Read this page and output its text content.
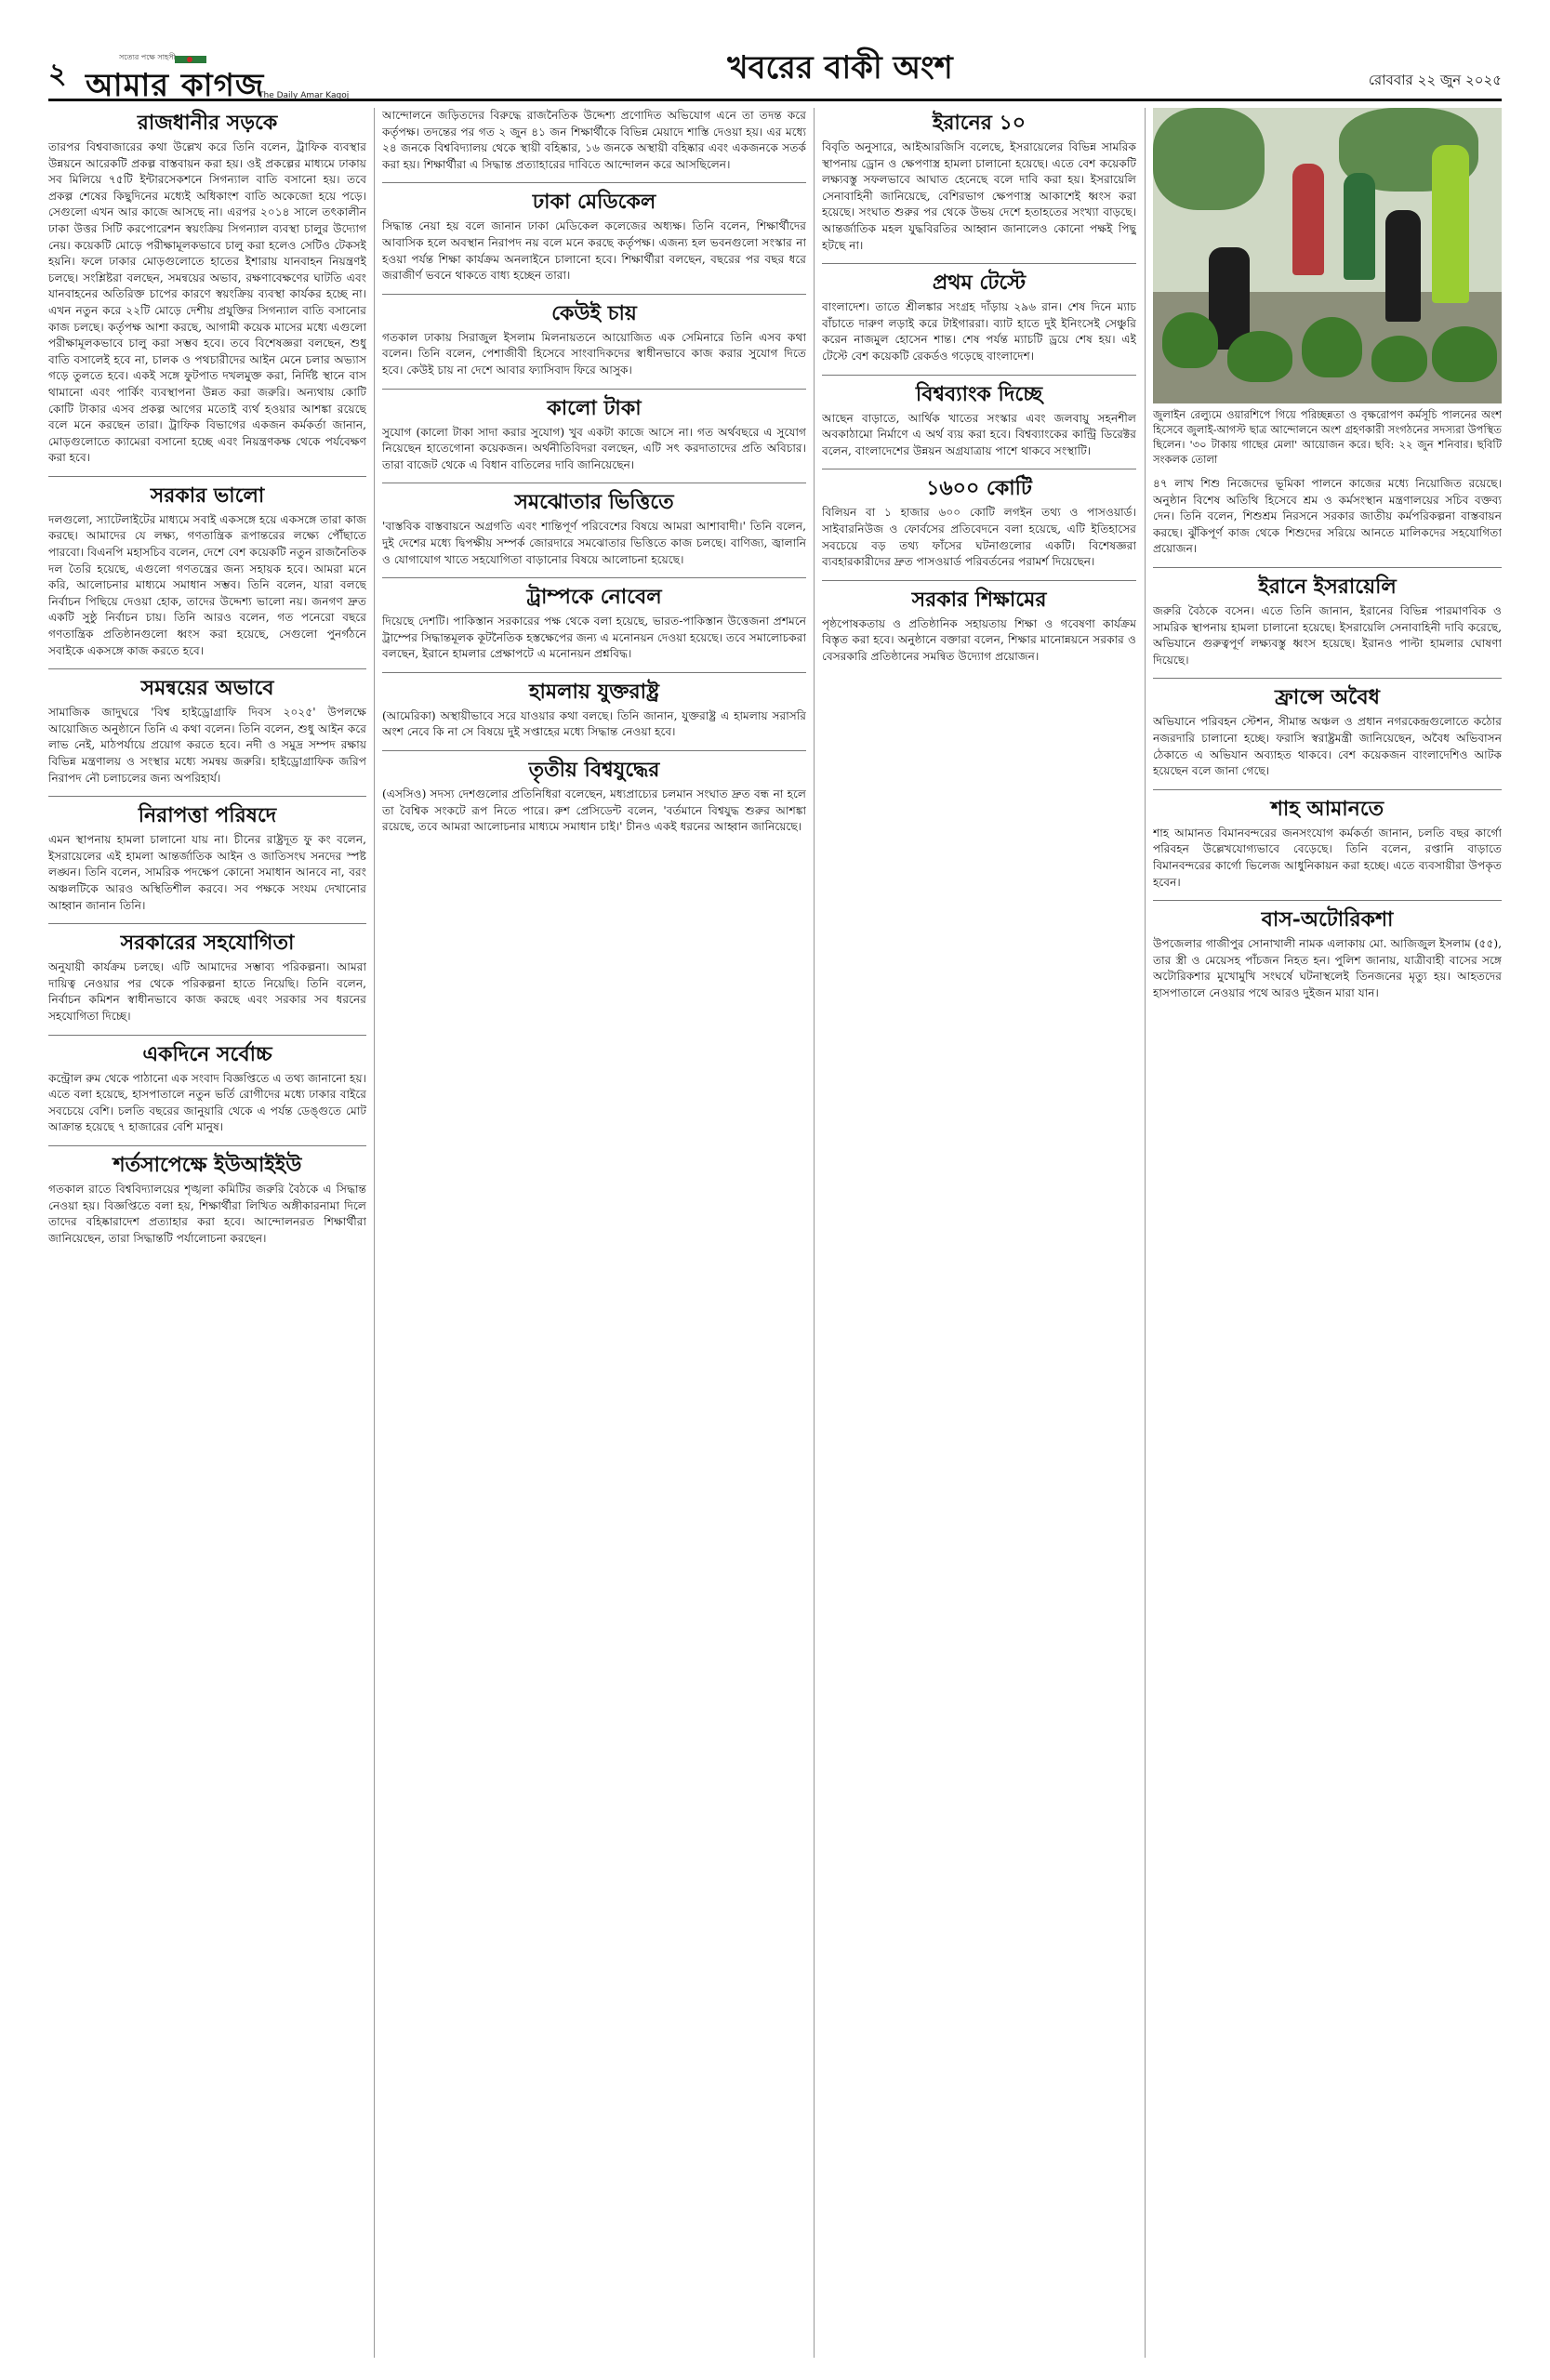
২
সত্যের পক্ষে সাহসী
আমার কাগজ
The Daily Amar Kagoj
খবরের বাকী অংশ	রোববার ২২ জুন ২০২৫
রাজধানীর সড়কে
তারপর বিশ্ববাজারের কথা উল্লেখ করে তিনি বলেন, ট্রাফিক ব্যবস্থার উন্নয়নে আরেকটি প্রকল্প বাস্তবায়ন করা হয়। ওই প্রকল্পের মাধ্যমে ঢাকায় সব মিলিয়ে ৭৫টি ইন্টারসেকশনে সিগন্যাল বাতি বসানো হয়। তবে প্রকল্প শেষের কিছুদিনের মধ্যেই অধিকাংশ বাতি অকেজো হয়ে পড়ে। সেগুলো এখন আর কাজে আসছে না। এরপর ২০১৪ সালে তৎকালীন ঢাকা উত্তর সিটি করপোরেশন স্বয়ংক্রিয় সিগন্যাল ব্যবস্থা চালুর উদ্যোগ নেয়। কয়েকটি মোড়ে পরীক্ষামূলকভাবে চালু করা হলেও সেটিও টেকসই হয়নি। ফলে ঢাকার মোড়গুলোতে হাতের ইশারায় যানবাহন নিয়ন্ত্রণই চলছে। সংশ্লিষ্টরা বলছেন, সমন্বয়ের অভাব, রক্ষণাবেক্ষণের ঘাটতি এবং যানবাহনের অতিরিক্ত চাপের কারণে স্বয়ংক্রিয় ব্যবস্থা কার্যকর হচ্ছে না। এখন নতুন করে ২২টি মোড়ে দেশীয় প্রযুক্তির সিগন্যাল বাতি বসানোর কাজ চলছে। কর্তৃপক্ষ আশা করছে, আগামী কয়েক মাসের মধ্যে এগুলো পরীক্ষামূলকভাবে চালু করা সম্ভব হবে। তবে বিশেষজ্ঞরা বলছেন, শুধু বাতি বসালেই হবে না, চালক ও পথচারীদের আইন মেনে চলার অভ্যাস গড়ে তুলতে হবে। একই সঙ্গে ফুটপাত দখলমুক্ত করা, নির্দিষ্ট স্থানে বাস থামানো এবং পার্কিং ব্যবস্থাপনা উন্নত করা জরুরি। অন্যথায় কোটি কোটি টাকার এসব প্রকল্প আগের মতোই ব্যর্থ হওয়ার আশঙ্কা রয়েছে বলে মনে করছেন তারা। ট্রাফিক বিভাগের একজন কর্মকর্তা জানান, মোড়গুলোতে ক্যামেরা বসানো হচ্ছে এবং নিয়ন্ত্রণকক্ষ থেকে পর্যবেক্ষণ করা হবে।
সরকার ভালো
দলগুলো, স্যাটেলাইটের মাধ্যমে সবাই একসঙ্গে হয়ে একসঙ্গে তারা কাজ করছে। আমাদের যে লক্ষ্য, গণতান্ত্রিক রূপান্তরের লক্ষ্যে পৌঁছাতে পারবো। বিএনপি মহাসচিব বলেন, দেশে বেশ কয়েকটি নতুন রাজনৈতিক দল তৈরি হয়েছে, এগুলো গণতন্ত্রের জন্য সহায়ক হবে। আমরা মনে করি, আলোচনার মাধ্যমে সমাধান সম্ভব। তিনি বলেন, যারা বলছে নির্বাচন পিছিয়ে দেওয়া হোক, তাদের উদ্দেশ্য ভালো নয়। জনগণ দ্রুত একটি সুষ্ঠু নির্বাচন চায়। তিনি আরও বলেন, গত পনেরো বছরে গণতান্ত্রিক প্রতিষ্ঠানগুলো ধ্বংস করা হয়েছে, সেগুলো পুনর্গঠনে সবাইকে একসঙ্গে কাজ করতে হবে।
সমন্বয়ের অভাবে
সামাজিক জাদুঘরে 'বিশ্ব হাইড্রোগ্রাফি দিবস ২০২৫' উপলক্ষে আয়োজিত অনুষ্ঠানে তিনি এ কথা বলেন। তিনি বলেন, শুধু আইন করে লাভ নেই, মাঠপর্যায়ে প্রয়োগ করতে হবে। নদী ও সমুদ্র সম্পদ রক্ষায় বিভিন্ন মন্ত্রণালয় ও সংস্থার মধ্যে সমন্বয় জরুরি। হাইড্রোগ্রাফিক জরিপ নিরাপদ নৌ চলাচলের জন্য অপরিহার্য।
নিরাপত্তা পরিষদে
এমন স্থাপনায় হামলা চালানো যায় না। চীনের রাষ্ট্রদূত ফু কং বলেন, ইসরায়েলের এই হামলা আন্তর্জাতিক আইন ও জাতিসংঘ সনদের স্পষ্ট লঙ্ঘন। তিনি বলেন, সামরিক পদক্ষেপ কোনো সমাধান আনবে না, বরং অঞ্চলটিকে আরও অস্থিতিশীল করবে। সব পক্ষকে সংযম দেখানোর আহ্বান জানান তিনি।
সরকারের সহযোগিতা
অনুযায়ী কার্যক্রম চলছে। এটি আমাদের সম্ভাব্য পরিকল্পনা। আমরা দায়িত্ব নেওয়ার পর থেকে পরিকল্পনা হাতে নিয়েছি। তিনি বলেন, নির্বাচন কমিশন স্বাধীনভাবে কাজ করছে এবং সরকার সব ধরনের সহযোগিতা দিচ্ছে।
একদিনে সর্বোচ্চ
কন্ট্রোল রুম থেকে পাঠানো এক সংবাদ বিজ্ঞপ্তিতে এ তথ্য জানানো হয়। এতে বলা হয়েছে, হাসপাতালে নতুন ভর্তি রোগীদের মধ্যে ঢাকার বাইরে সবচেয়ে বেশি। চলতি বছরের জানুয়ারি থেকে এ পর্যন্ত ডেঙ্গুতে মোট আক্রান্ত হয়েছে ৭ হাজারের বেশি মানুষ।
শর্তসাপেক্ষে ইউআইইউ
গতকাল রাতে বিশ্ববিদ্যালয়ের শৃঙ্খলা কমিটির জরুরি বৈঠকে এ সিদ্ধান্ত নেওয়া হয়। বিজ্ঞপ্তিতে বলা হয়, শিক্ষার্থীরা লিখিত অঙ্গীকারনামা দিলে তাদের বহিষ্কারাদেশ প্রত্যাহার করা হবে। আন্দোলনরত শিক্ষার্থীরা জানিয়েছেন, তারা সিদ্ধান্তটি পর্যালোচনা করছেন।
আন্দোলনে জড়িতদের বিরুদ্ধে রাজনৈতিক উদ্দেশ্য প্রণোদিত অভিযোগ এনে তা তদন্ত করে কর্তৃপক্ষ। তদন্তের পর গত ২ জুন ৪১ জন শিক্ষার্থীকে বিভিন্ন মেয়াদে শাস্তি দেওয়া হয়। এর মধ্যে ২৪ জনকে বিশ্ববিদ্যালয় থেকে স্থায়ী বহিষ্কার, ১৬ জনকে অস্থায়ী বহিষ্কার এবং একজনকে সতর্ক করা হয়। শিক্ষার্থীরা এ সিদ্ধান্ত প্রত্যাহারের দাবিতে আন্দোলন করে আসছিলেন।
ঢাকা মেডিকেল
সিদ্ধান্ত নেয়া হয় বলে জানান ঢাকা মেডিকেল কলেজের অধ্যক্ষ। তিনি বলেন, শিক্ষার্থীদের আবাসিক হলে অবস্থান নিরাপদ নয় বলে মনে করছে কর্তৃপক্ষ। এজন্য হল ভবনগুলো সংস্কার না হওয়া পর্যন্ত শিক্ষা কার্যক্রম অনলাইনে চালানো হবে। শিক্ষার্থীরা বলছেন, বছরের পর বছর ধরে জরাজীর্ণ ভবনে থাকতে বাধ্য হচ্ছেন তারা।
কেউই চায়
গতকাল ঢাকায় সিরাজুল ইসলাম মিলনায়তনে আয়োজিত এক সেমিনারে তিনি এসব কথা বলেন। তিনি বলেন, পেশাজীবী হিসেবে সাংবাদিকদের স্বাধীনভাবে কাজ করার সুযোগ দিতে হবে। কেউই চায় না দেশে আবার ফ্যাসিবাদ ফিরে আসুক।
কালো টাকা
সুযোগ (কালো টাকা সাদা করার সুযোগ) খুব একটা কাজে আসে না। গত অর্থবছরে এ সুযোগ নিয়েছেন হাতেগোনা কয়েকজন। অর্থনীতিবিদরা বলছেন, এটি সৎ করদাতাদের প্রতি অবিচার। তারা বাজেট থেকে এ বিধান বাতিলের দাবি জানিয়েছেন।
সমঝোতার ভিত্তিতে
'বাস্তবিক বাস্তবায়নে অগ্রগতি এবং শান্তিপূর্ণ পরিবেশের বিষয়ে আমরা আশাবাদী।' তিনি বলেন, দুই দেশের মধ্যে দ্বিপক্ষীয় সম্পর্ক জোরদারে সমঝোতার ভিত্তিতে কাজ চলছে। বাণিজ্য, জ্বালানি ও যোগাযোগ খাতে সহযোগিতা বাড়ানোর বিষয়ে আলোচনা হয়েছে।
ট্রাম্পকে নোবেল
দিয়েছে দেশটি। পাকিস্তান সরকারের পক্ষ থেকে বলা হয়েছে, ভারত-পাকিস্তান উত্তেজনা প্রশমনে ট্রাম্পের সিদ্ধান্তমূলক কূটনৈতিক হস্তক্ষেপের জন্য এ মনোনয়ন দেওয়া হয়েছে। তবে সমালোচকরা বলছেন, ইরানে হামলার প্রেক্ষাপটে এ মনোনয়ন প্রশ্নবিদ্ধ।
হামলায় যুক্তরাষ্ট্র
(আমেরিকা) অস্থায়ীভাবে সরে যাওয়ার কথা বলছে। তিনি জানান, যুক্তরাষ্ট্র এ হামলায় সরাসরি অংশ নেবে কি না সে বিষয়ে দুই সপ্তাহের মধ্যে সিদ্ধান্ত নেওয়া হবে।
তৃতীয় বিশ্বযুদ্ধের
(এসসিও) সদস্য দেশগুলোর প্রতিনিধিরা বলেছেন, মধ্যপ্রাচ্যের চলমান সংঘাত দ্রুত বন্ধ না হলে তা বৈশ্বিক সংকটে রূপ নিতে পারে। রুশ প্রেসিডেন্ট বলেন, 'বর্তমানে বিশ্বযুদ্ধ শুরুর আশঙ্কা রয়েছে, তবে আমরা আলোচনার মাধ্যমে সমাধান চাই।' চীনও একই ধরনের আহ্বান জানিয়েছে।
ইরানের ১০
বিবৃতি অনুসারে, আইআরজিসি বলেছে, ইসরায়েলের বিভিন্ন সামরিক স্থাপনায় ড্রোন ও ক্ষেপণাস্ত্র হামলা চালানো হয়েছে। এতে বেশ কয়েকটি লক্ষ্যবস্তু সফলভাবে আঘাত হেনেছে বলে দাবি করা হয়। ইসরায়েলি সেনাবাহিনী জানিয়েছে, বেশিরভাগ ক্ষেপণাস্ত্র আকাশেই ধ্বংস করা হয়েছে। সংঘাত শুরুর পর থেকে উভয় দেশে হতাহতের সংখ্যা বাড়ছে। আন্তর্জাতিক মহল যুদ্ধবিরতির আহ্বান জানালেও কোনো পক্ষই পিছু হটছে না।
প্রথম টেস্টে
বাংলাদেশ। তাতে শ্রীলঙ্কার সংগ্রহ দাঁড়ায় ২৯৬ রান। শেষ দিনে ম্যাচ বাঁচাতে দারুণ লড়াই করে টাইগাররা। ব্যাট হাতে দুই ইনিংসেই সেঞ্চুরি করেন নাজমুল হোসেন শান্ত। শেষ পর্যন্ত ম্যাচটি ড্রয়ে শেষ হয়। এই টেস্টে বেশ কয়েকটি রেকর্ডও গড়েছে বাংলাদেশ।
বিশ্বব্যাংক দিচ্ছে
আছেন বাড়াতে, আর্থিক খাতের সংস্কার এবং জলবায়ু সহনশীল অবকাঠামো নির্মাণে এ অর্থ ব্যয় করা হবে। বিশ্বব্যাংকের কান্ট্রি ডিরেক্টর বলেন, বাংলাদেশের উন্নয়ন অগ্রযাত্রায় পাশে থাকবে সংস্থাটি।
১৬০০ কোটি
বিলিয়ন বা ১ হাজার ৬০০ কোটি লগইন তথ্য ও পাসওয়ার্ড। সাইবারনিউজ ও ফোর্বসের প্রতিবেদনে বলা হয়েছে, এটি ইতিহাসের সবচেয়ে বড় তথ্য ফাঁসের ঘটনাগুলোর একটি। বিশেষজ্ঞরা ব্যবহারকারীদের দ্রুত পাসওয়ার্ড পরিবর্তনের পরামর্শ দিয়েছেন।
সরকার শিক্ষামের
পৃষ্ঠপোষকতায় ও প্রতিষ্ঠানিক সহায়তায় শিক্ষা ও গবেষণা কার্যক্রম বিস্তৃত করা হবে। অনুষ্ঠানে বক্তারা বলেন, শিক্ষার মানোন্নয়নে সরকার ও বেসরকারি প্রতিষ্ঠানের সমন্বিত উদ্যোগ প্রয়োজন।
জুলাইন রেল্যুমে ওয়ারশিপে গিয়ে পরিচ্ছন্নতা ও বৃক্ষরোপণ কর্মসূচি পালনের অংশ হিসেবে জুলাই-আগস্ট ছাত্র আন্দোলনে অংশ গ্রহণকারী সংগঠনের সদস্যরা উপস্থিত ছিলেন। '৩০ টাকায় গাছের মেলা' আয়োজন করে। ছবি: ২২ জুন শনিবার। ছবিটি সংকলক তোলা
৪৭ লাখ শিশু নিজেদের ভূমিকা পালনে কাজের মধ্যে নিয়োজিত রয়েছে। অনুষ্ঠান বিশেষ অতিথি হিসেবে শ্রম ও কর্মসংস্থান মন্ত্রণালয়ের সচিব বক্তব্য দেন। তিনি বলেন, শিশুশ্রম নিরসনে সরকার জাতীয় কর্মপরিকল্পনা বাস্তবায়ন করছে। ঝুঁকিপূর্ণ কাজ থেকে শিশুদের সরিয়ে আনতে মালিকদের সহযোগিতা প্রয়োজন।
ইরানে ইসরায়েলি
জরুরি বৈঠকে বসেন। এতে তিনি জানান, ইরানের বিভিন্ন পারমাণবিক ও সামরিক স্থাপনায় হামলা চালানো হয়েছে। ইসরায়েলি সেনাবাহিনী দাবি করেছে, অভিযানে গুরুত্বপূর্ণ লক্ষ্যবস্তু ধ্বংস হয়েছে। ইরানও পাল্টা হামলার ঘোষণা দিয়েছে।
ফ্রান্সে অবৈধ
অভিযানে পরিবহন স্টেশন, সীমান্ত অঞ্চল ও প্রধান নগরকেন্দ্রগুলোতে কঠোর নজরদারি চালানো হচ্ছে। ফরাসি স্বরাষ্ট্রমন্ত্রী জানিয়েছেন, অবৈধ অভিবাসন ঠেকাতে এ অভিযান অব্যাহত থাকবে। বেশ কয়েকজন বাংলাদেশিও আটক হয়েছেন বলে জানা গেছে।
শাহ আমানতে
শাহ আমানত বিমানবন্দরের জনসংযোগ কর্মকর্তা জানান, চলতি বছর কার্গো পরিবহন উল্লেখযোগ্যভাবে বেড়েছে। তিনি বলেন, রপ্তানি বাড়াতে বিমানবন্দরের কার্গো ভিলেজ আধুনিকায়ন করা হচ্ছে। এতে ব্যবসায়ীরা উপকৃত হবেন।
বাস-অটোরিকশা
উপজেলার গাজীপুর সোনাখালী নামক এলাকায় মো. আজিজুল ইসলাম (৫৫), তার স্ত্রী ও মেয়েসহ পাঁচজন নিহত হন। পুলিশ জানায়, যাত্রীবাহী বাসের সঙ্গে অটোরিকশার মুখোমুখি সংঘর্ষে ঘটনাস্থলেই তিনজনের মৃত্যু হয়। আহতদের হাসপাতালে নেওয়ার পথে আরও দুইজন মারা যান।
